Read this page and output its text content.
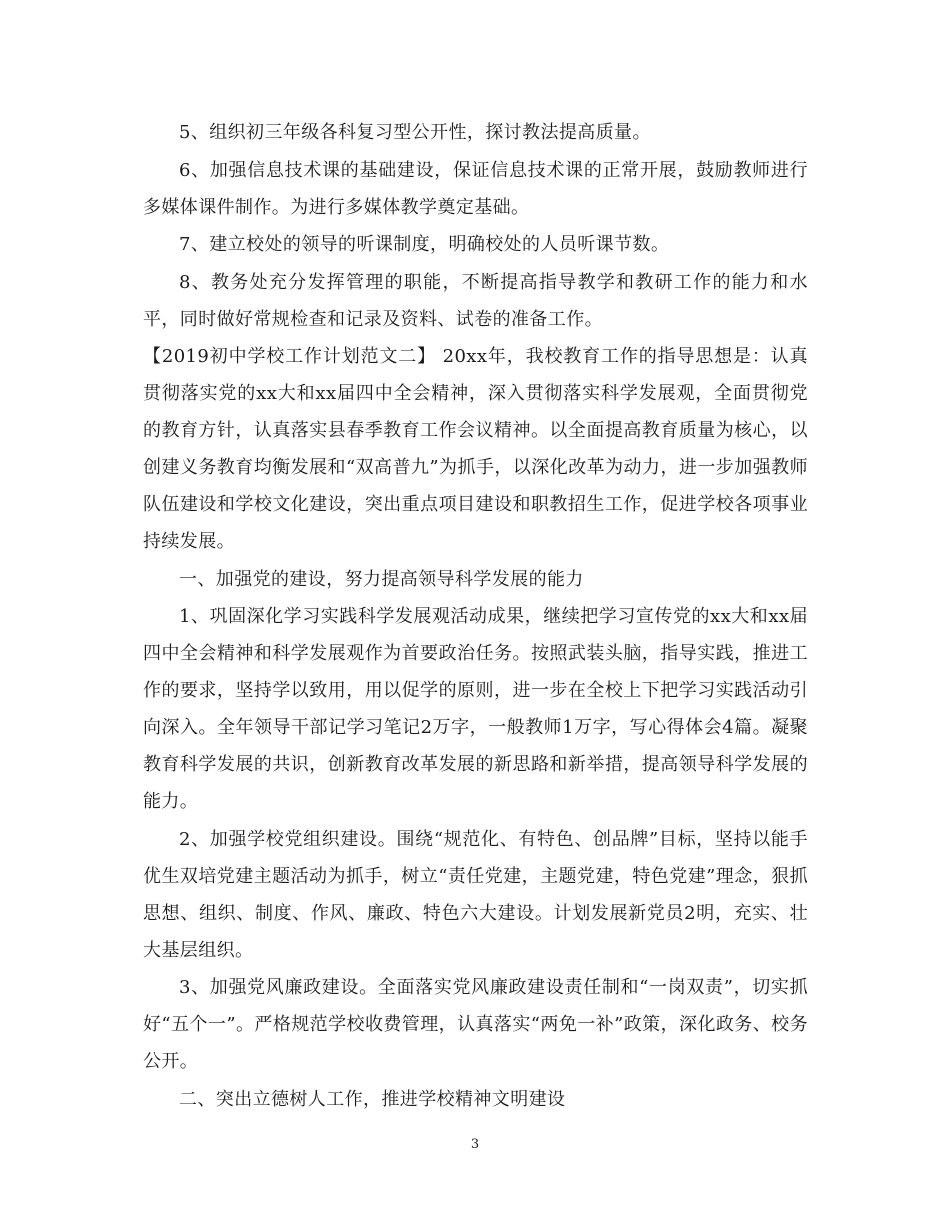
5、组织初三年级各科复习型公开性，探讨教法提高质量。

6、加强信息技术课的基础建设，保证信息技术课的正常开展，鼓励教师进行多媒体课件制作。为进行多媒体教学奠定基础。

7、建立校处的领导的听课制度，明确校处的人员听课节数。

8、教务处充分发挥管理的职能，不断提高指导教学和教研工作的能力和水平，同时做好常规检查和记录及资料、试卷的准备工作。

【2019初中学校工作计划范文二】 20xx年，我校教育工作的指导思想是：认真贯彻落实党的xx大和xx届四中全会精神，深入贯彻落实科学发展观，全面贯彻党的教育方针，认真落实县春季教育工作会议精神。以全面提高教育质量为核心，以创建义务教育均衡发展和“双高普九”为抓手，以深化改革为动力，进一步加强教师队伍建设和学校文化建设，突出重点项目建设和职教招生工作，促进学校各项事业持续发展。

一、加强党的建设，努力提高领导科学发展的能力

1、巩固深化学习实践科学发展观活动成果，继续把学习宣传党的xx大和xx届四中全会精神和科学发展观作为首要政治任务。按照武装头脑，指导实践，推进工作的要求，坚持学以致用，用以促学的原则，进一步在全校上下把学习实践活动引向深入。全年领导干部记学习笔记2万字，一般教师1万字，写心得体会4篇。凝聚教育科学发展的共识，创新教育改革发展的新思路和新举措，提高领导科学发展的能力。

2、加强学校党组织建设。围绕“规范化、有特色、创品牌”目标，坚持以能手优生双培党建主题活动为抓手，树立“责任党建，主题党建，特色党建”理念，狠抓思想、组织、制度、作风、廉政、特色六大建设。计划发展新党员2明，充实、壮大基层组织。

3、加强党风廉政建设。全面落实党风廉政建设责任制和“一岗双责”，切实抓好“五个一”。严格规范学校收费管理，认真落实“两免一补”政策，深化政务、校务公开。

二、突出立德树人工作，推进学校精神文明建设

3
